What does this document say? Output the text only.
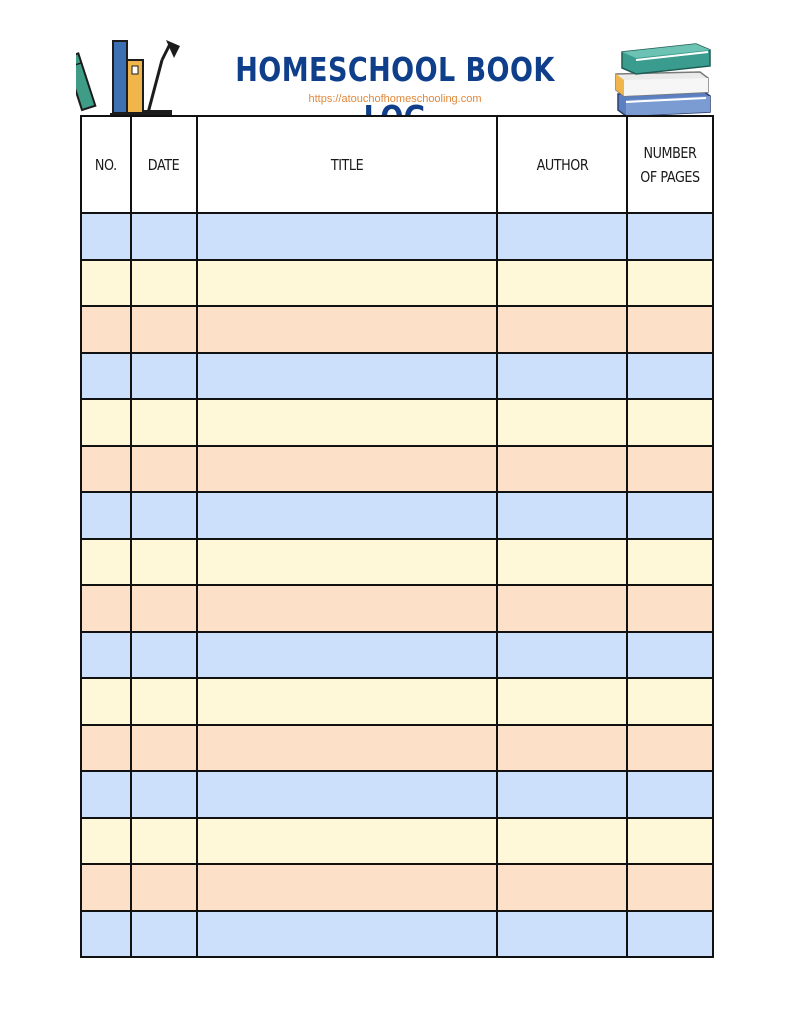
HOMESCHOOL BOOK
https://atouchofhomeschooling.com
NO.	DATE	TITLE	AUTHOR	NUMBER OF PAGES
